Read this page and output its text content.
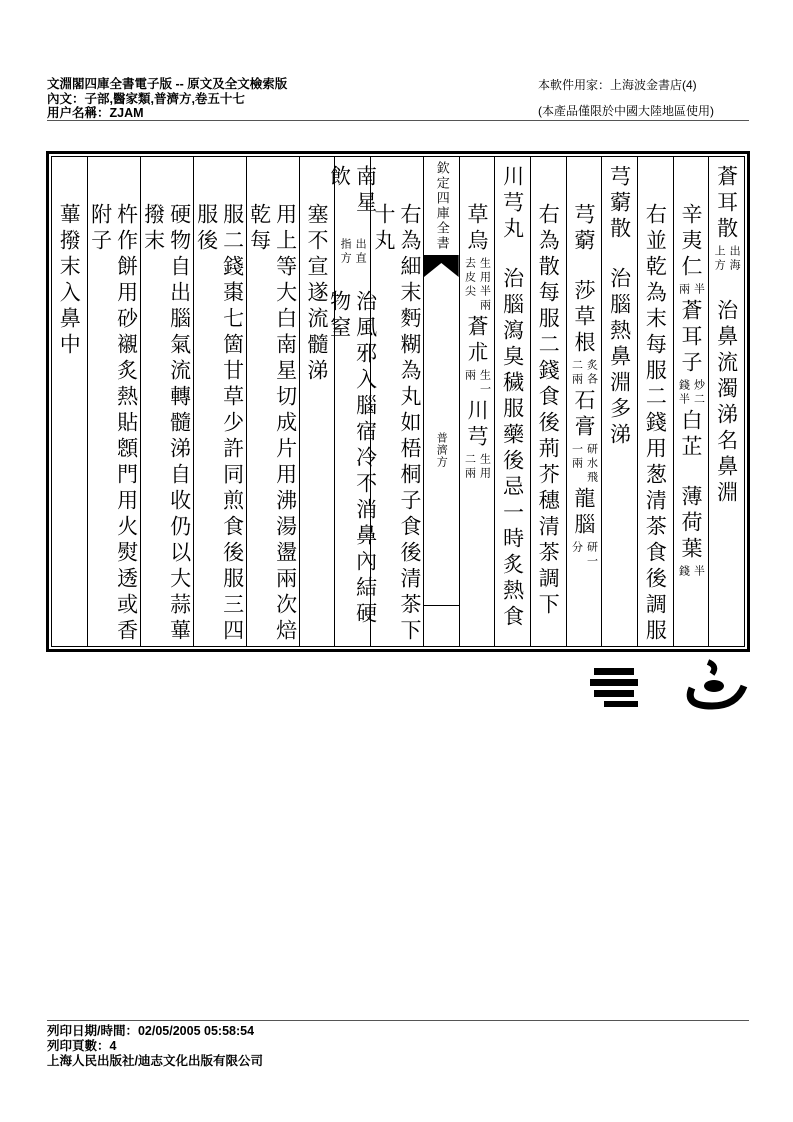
文淵閣四庫全書電子版 -- 原文及全文檢索版
內文：子部,醫家類,普濟方,卷五十七
用户名稱：ZJAM
本軟件用家：上海波金書店(4)
(本產品僅限於中國大陸地區使用)
蒼耳散
出海
上方
治鼻流濁涕名鼻淵
辛夷仁
半
兩
蒼耳子
炒二
錢半
白芷
薄荷葉
半
錢
右並乾為末每服二錢用葱清茶食後調服
芎藭散
治腦熱鼻淵多涕
芎藭
莎草根
炙各
二兩
石膏
研水飛
一兩
龍腦
研一
分
右為散每服二錢食後荊芥穗清茶調下
川芎丸
治腦瀉臭穢服藥後忌一時炙熱食
草烏
生用半兩
去皮尖
蒼朮
生一
兩
川芎
生用
二兩
欽定四庫全書
普濟方
右為細末麪糊為丸如梧桐子食後清茶下十丸
南星飲
出直
指方
治風邪入腦宿冷不消鼻內結硬物窒
塞不宣遂流髓涕
用上等大白南星切成片用沸湯盪兩次焙乾每
服二錢棗七箇甘草少許同煎食後服三四服後
硬物自出腦氣流轉髓涕自收仍以大蒜蓽撥末
杵作餅用砂襯炙熱貼顖門用火熨透或香附子
蓽撥末入鼻中
列印日期/時間：02/05/2005 05:58:54
列印頁數：4
上海人民出版社/迪志文化出版有限公司
